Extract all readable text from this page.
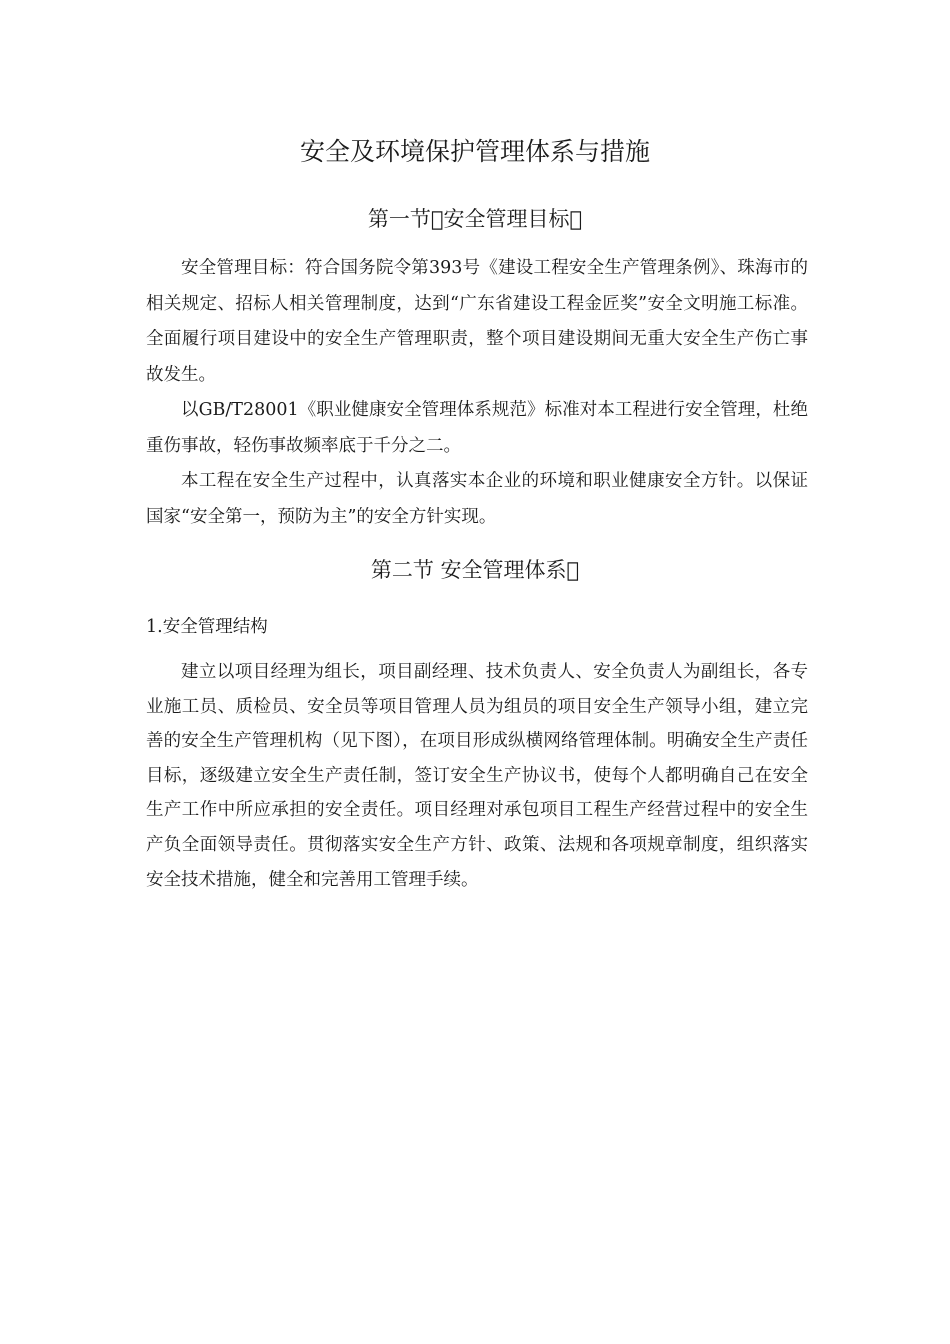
安全及环境保护管理体系与措施
第一节 安全管理目标 

安全管理目标：符合国务院令第393号《建设工程安全生产管理条例》、珠海市的相关规定、招标人相关管理制度，达到“广东省建设工程金匠奖”安全文明施工标准。全面履行项目建设中的安全生产管理职责，整个项目建设期间无重大安全生产伤亡事故发生。

以GB/T28001《职业健康安全管理体系规范》标准对本工程进行安全管理，杜绝重伤事故，轻伤事故频率底于千分之二。

本工程在安全生产过程中，认真落实本企业的环境和职业健康安全方针。以保证国家“安全第一，预防为主”的安全方针实现。

第二节 安全管理体系 
1.安全管理结构

建立以项目经理为组长，项目副经理、技术负责人、安全负责人为副组长，各专业施工员、质检员、安全员等项目管理人员为组员的项目安全生产领导小组，建立完善的安全生产管理机构（见下图），在项目形成纵横网络管理体制。明确安全生产责任目标，逐级建立安全生产责任制，签订安全生产协议书，使每个人都明确自己在安全生产工作中所应承担的安全责任。项目经理对承包项目工程生产经营过程中的安全生产负全面领导责任。贯彻落实安全生产方针、政策、法规和各项规章制度，组织落实安全技术措施，健全和完善用工管理手续。
